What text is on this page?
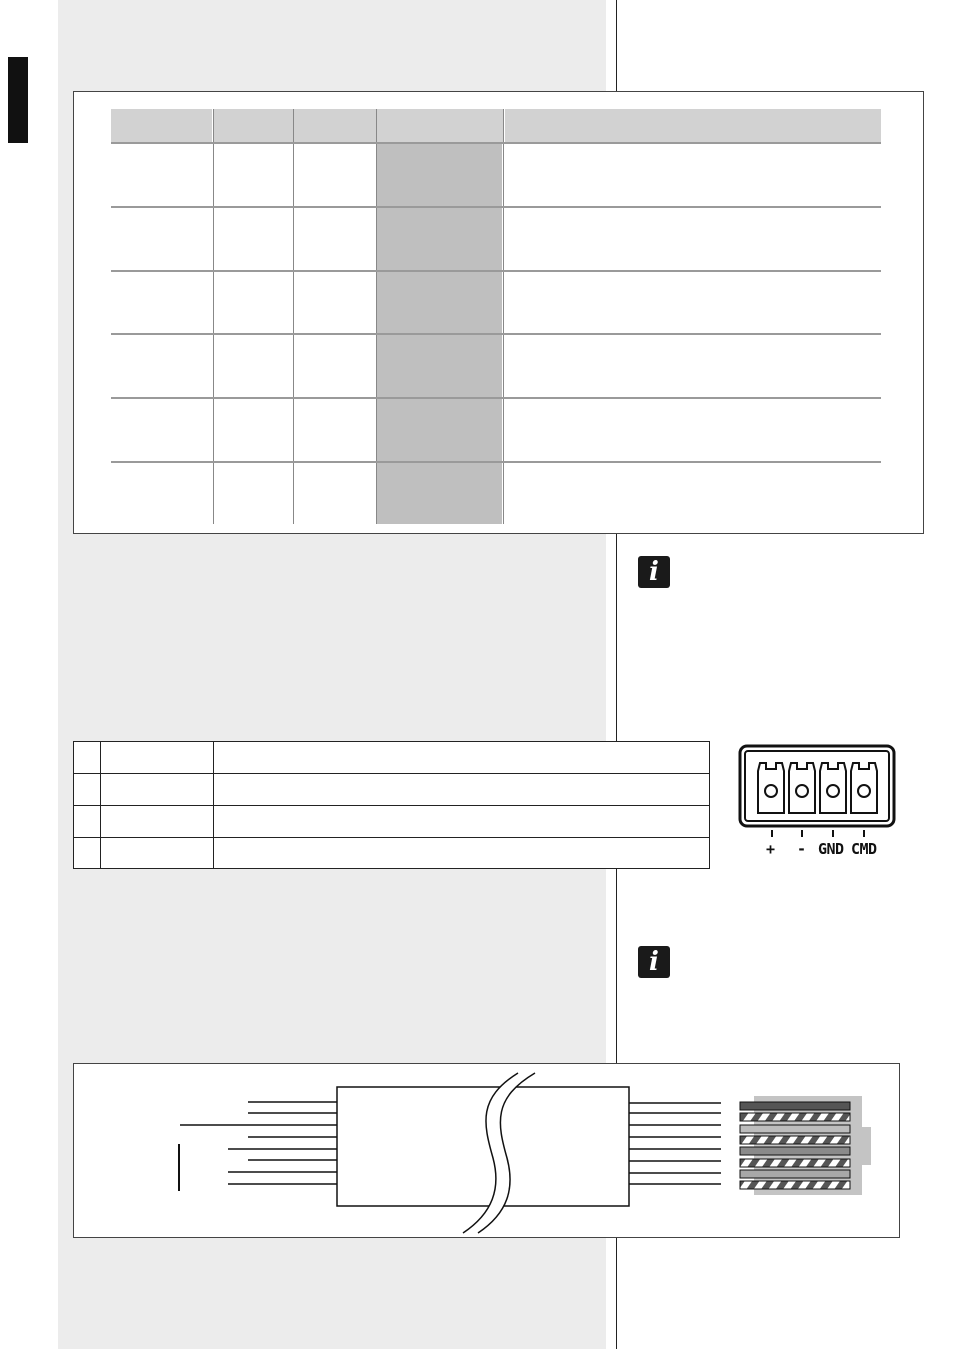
i
+ - GND CMD
i
